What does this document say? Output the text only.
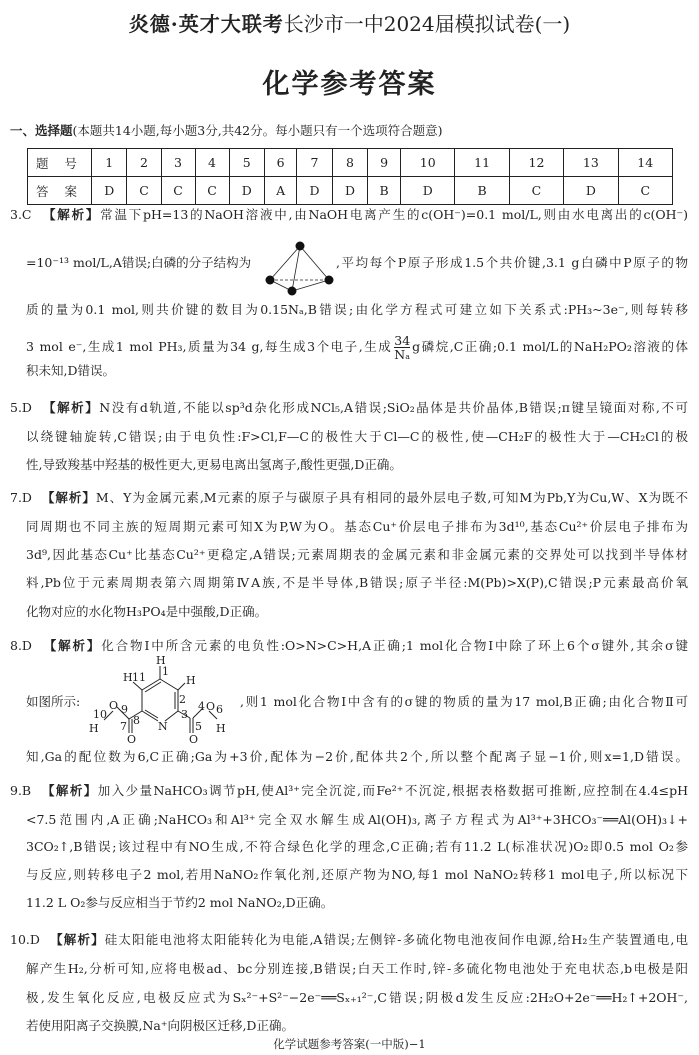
炎德·英才大联考长沙市一中2024届模拟试卷(一)
化学参考答案
一、选择题(本题共14小题,每小题3分,共42分。每小题只有一个选项符合题意)
题 号	1	2	3	4	5	6	7	8	9	10	11	12	13	14
答 案	D	C	C	C	D	A	D	D	B	D	B	C	D	C
3.C 【解析】常温下pH=13的NaOH溶液中,由NaOH电离产生的c(OH⁻)=0.1 mol/L,则由水电离出的c(OH⁻)
=10⁻¹³ mol/L,A错误;白磷的分子结构为	,平均每个P原子形成1.5个共价键,3.1 g白磷中P原子的物
质的量为0.1 mol,则共价键的数目为0.15Nₐ,B错误;由化学方程式可建立如下关系式:PH₃~3e⁻,则每转移
3 mol e⁻,生成1 mol PH₃,质量为34 g,每生成3个电子,生成 $\frac{34}{\text{Nₐ}}$ g磷烷,C正确;0.1 mol/L的NaH₂PO₂溶液的体
积未知,D错误。
5.D 【解析】N没有d轨道,不能以sp³d杂化形成NCl₅,A错误;SiO₂晶体是共价晶体,B错误;π键呈镜面对称,不可
以绕键轴旋转,C错误;由于电负性:F>Cl,F—C的极性大于Cl—C的极性,使—CH₂F的极性大于—CH₂Cl的极
性,导致羧基中羟基的极性更大,更易电离出氢离子,酸性更强,D正确。
7.D 【解析】M、Y为金属元素,M元素的原子与碳原子具有相同的最外层电子数,可知M为Pb,Y为Cu,W、X为既不
同周期也不同主族的短周期元素可知X为P,W为O。基态Cu⁺价层电子排布为3d¹⁰,基态Cu²⁺价层电子排布为
3d⁹,因此基态Cu⁺比基态Cu²⁺更稳定,A错误;元素周期表的金属元素和非金属元素的交界处可以找到半导体材
料,Pb位于元素周期表第六周期第ⅣA族,不是半导体,B错误;原子半径:M(Pb)>X(P),C错误;P元素最高价氧
化物对应的水化物H₃PO₄是中强酸,D正确。
8.D 【解析】化合物Ⅰ中所含元素的电负性:O>N>C>H,A正确;1 mol化合物Ⅰ中除了环上6个σ键外,其余σ键
如图所示:
H
1
H 11	H
2
3
N
O 9
10
H 7 8
O
5
O
4 O 6
H
,则1 mol化合物Ⅰ中含有的σ键的物质的量为17 mol,B正确;由化合物Ⅱ可
知,Ga的配位数为6,C正确;Ga为+3价,配体为−2价,配体共2个,所以整个配离子显−1价,则x=1,D错误。
9.B 【解析】加入少量NaHCO₃调节pH,使Al³⁺完全沉淀,而Fe²⁺不沉淀,根据表格数据可推断,应控制在4.4≤pH
<7.5范围内,A正确;NaHCO₃和Al³⁺完全双水解生成Al(OH)₃,离子方程式为Al³⁺+3HCO₃⁻══Al(OH)₃↓+
3CO₂↑,B错误;该过程中有NO生成,不符合绿色化学的理念,C正确;若有11.2 L(标准状况)O₂即0.5 mol O₂参
与反应,则转移电子2 mol,若用NaNO₂作氧化剂,还原产物为NO,每1 mol NaNO₂转移1 mol电子,所以标况下
11.2 L O₂参与反应相当于节约2 mol NaNO₂,D正确。
10.D 【解析】硅太阳能电池将太阳能转化为电能,A错误;左侧锌-多硫化物电池夜间作电源,给H₂生产装置通电,电
解产生H₂,分析可知,应将电极ad、bc分别连接,B错误;白天工作时,锌-多硫化物电池处于充电状态,b电极是阳
极,发生氧化反应,电极反应式为Sₓ²⁻+S²⁻−2e⁻══Sₓ₊₁²⁻,C错误;阴极d发生反应:2H₂O+2e⁻══H₂↑+2OH⁻,
若使用阳离子交换膜,Na⁺向阴极区迁移,D正确。
化学试题参考答案(一中版)−1
